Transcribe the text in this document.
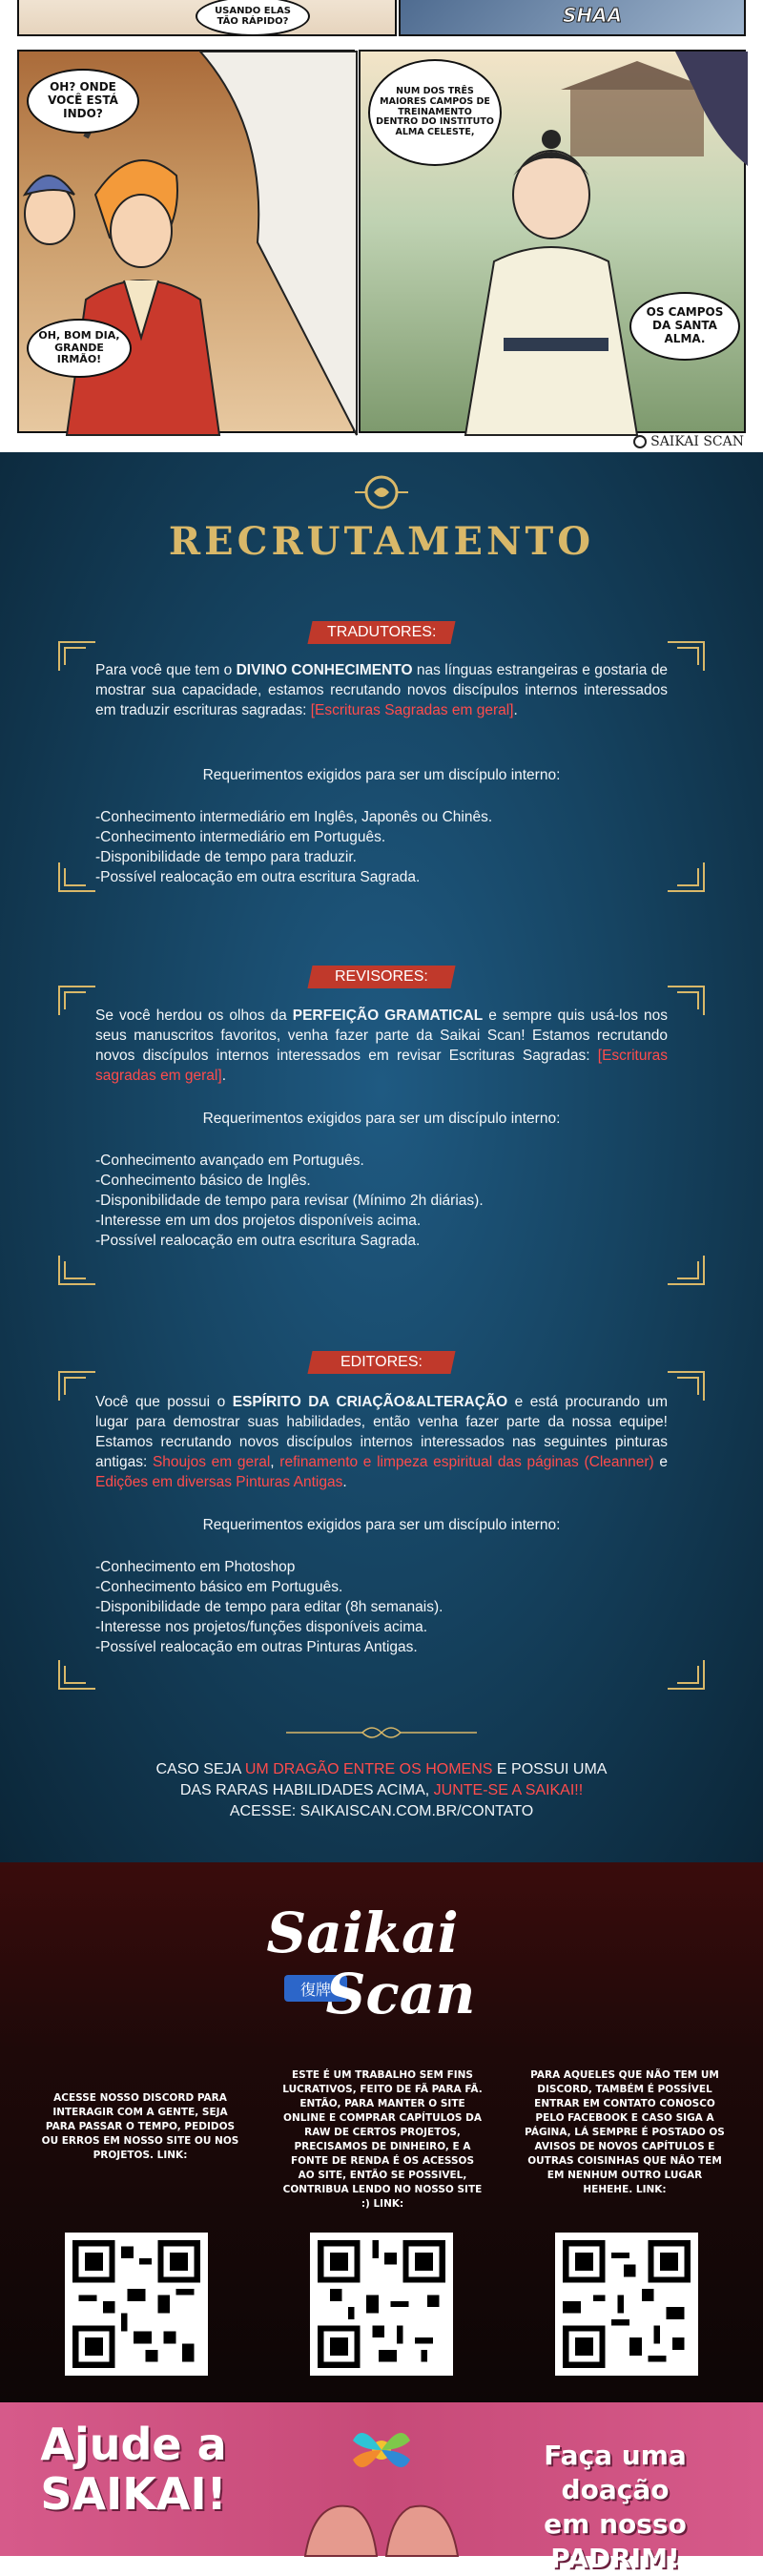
USANDO ELAS TÃO RÁPIDO?	SHAA
OH? ONDE VOCÊ ESTÁ INDO?
OH, BOM DIA, GRANDE IRMÃO!
NUM DOS TRÊS MAIORES CAMPOS DE TREINAMENTO DENTRO DO INSTITUTO ALMA CELESTE,
OS CAMPOS DA SANTA ALMA.
SAIKAI SCAN
RECRUTAMENTO
TRADUTORES:

Para você que tem o DIVINO CONHECIMENTO nas línguas estrangeiras e gostaria de mostrar sua capacidade, estamos recrutando novos discípulos internos interessados em traduzir escrituras sagradas: [Escrituras Sagradas em geral].

Requerimentos exigidos para ser um discípulo interno:
-Conhecimento intermediário em Inglês, Japonês ou Chinês.
-Conhecimento intermediário em Português.
-Disponibilidade de tempo para traduzir.
-Possível realocação em outra escritura Sagrada.
REVISORES:

Se você herdou os olhos da PERFEIÇÃO GRAMATICAL e sempre quis usá-los nos seus manuscritos favoritos, venha fazer parte da Saikai Scan! Estamos recrutando novos discípulos internos interessados em revisar Escrituras Sagradas: [Escrituras sagradas em geral].

Requerimentos exigidos para ser um discípulo interno:
-Conhecimento avançado em Português.
-Conhecimento básico de Inglês.
-Disponibilidade de tempo para revisar (Mínimo 2h diárias).
-Interesse em um dos projetos disponíveis acima.
-Possível realocação em outra escritura Sagrada.
EDITORES:

Você que possui o ESPÍRITO DA CRIAÇÃO&ALTERAÇÃO e está procurando um lugar para demostrar suas habilidades, então venha fazer parte da nossa equipe! Estamos recrutando novos discípulos internos interessados nas seguintes pinturas antigas: Shoujos em geral, refinamento e limpeza espiritual das páginas (Cleanner) e Edições em diversas Pinturas Antigas.

Requerimentos exigidos para ser um discípulo interno:
-Conhecimento em Photoshop
-Conhecimento básico em Português.
-Disponibilidade de tempo para editar (8h semanais).
-Interesse nos projetos/funções disponíveis acima.
-Possível realocação em outras Pinturas Antigas.
CASO SEJA UM DRAGÃO ENTRE OS HOMENS E POSSUI UMA
DAS RARAS HABILIDADES ACIMA, JUNTE-SE A SAIKAI!!
ACESSE: SAIKAISCAN.COM.BR/CONTATO
Saikai
復牌
Scan
ACESSE NOSSO DISCORD PARA INTERAGIR COM A GENTE, SEJA PARA PASSAR O TEMPO, PEDIDOS OU ERROS EM NOSSO SITE OU NOS PROJETOS. LINK:
ESTE É UM TRABALHO SEM FINS LUCRATIVOS, FEITO DE FÃ PARA FÃ. ENTÃO, PARA MANTER O SITE ONLINE E COMPRAR CAPÍTULOS DA RAW DE CERTOS PROJETOS, PRECISAMOS DE DINHEIRO, E A FONTE DE RENDA É OS ACESSOS AO SITE, ENTÃO SE POSSIVEL, CONTRIBUA LENDO NO NOSSO SITE :) LINK:
PARA AQUELES QUE NÃO TEM UM DISCORD, TAMBÉM É POSSÍVEL ENTRAR EM CONTATO CONOSCO PELO FACEBOOK E CASO SIGA A PÁGINA, LÁ SEMPRE É POSTADO OS AVISOS DE NOVOS CAPÍTULOS E OUTRAS COISINHAS QUE NÃO TEM EM NENHUM OUTRO LUGAR HEHEHE. LINK:
Ajude a
SAIKAI!
Faça uma doação
em nosso PADRIM!
